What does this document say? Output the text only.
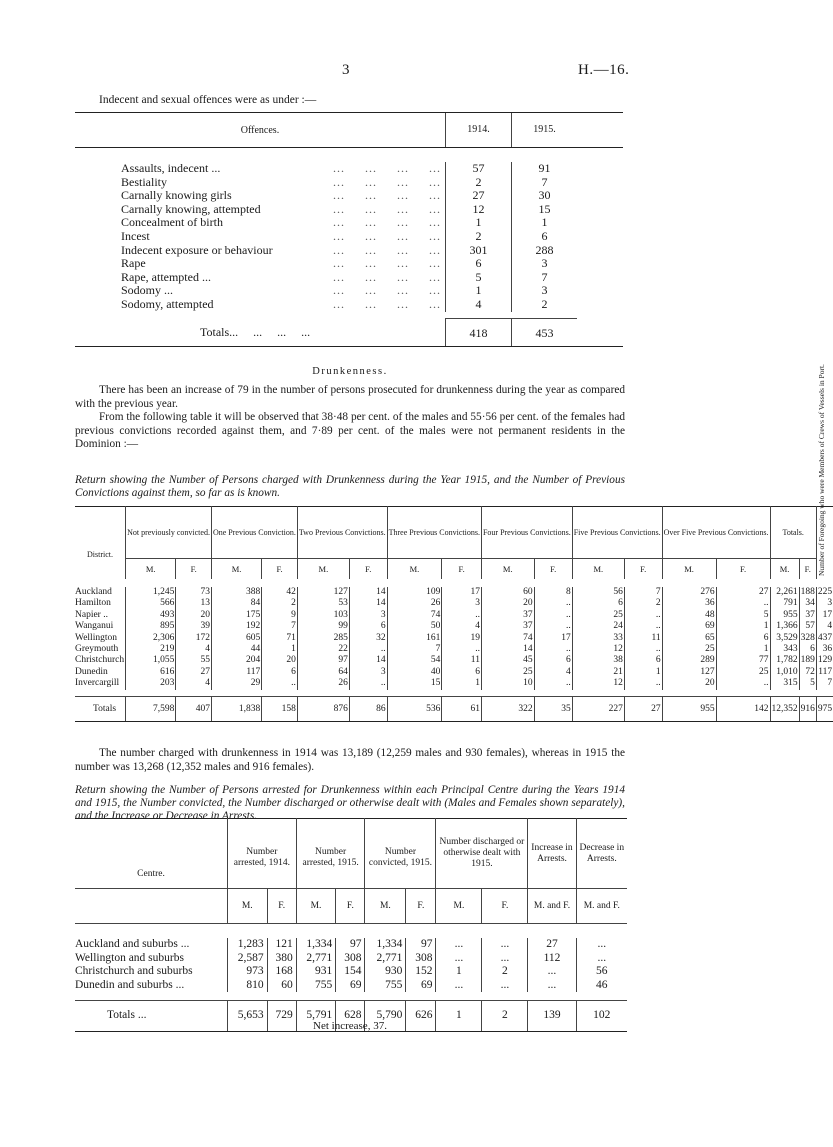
3	H.—16.
Indecent and sexual offences were as under :—
Offences.	1914.	1915.
Assaults, indecent ...	...     ...     ...     ...	57	91
Bestiality	...     ...     ...     ...	2	7
Carnally knowing girls	...     ...     ...     ...	27	30
Carnally knowing, attempted	...     ...     ...     ...	12	15
Concealment of birth	...     ...     ...     ...	1	1
Incest	...     ...     ...     ...	2	6
Indecent exposure or behaviour	...     ...     ...     ...	301	288
Rape	...     ...     ...     ...	6	3
Rape, attempted ...	...     ...     ...     ...	5	7
Sodomy ...	...     ...     ...     ...	1	3
Sodomy, attempted	...     ...     ...     ...	4	2
Totals...     ...     ...     ...	418	453
Drunkenness.

There has been an increase of 79 in the number of persons prosecuted for drunkenness during the year as compared with the previous year.

From the following table it will be observed that 38·48 per cent. of the males and 55·56 per cent. of the females had previous convictions recorded against them, and 7·89 per cent. of the males were not permanent residents in the Dominion :—

Return showing the Number of Persons charged with Drunkenness during the Year 1915, and the Number of Previous Convictions against them, so far as is known.
District.	Not previously convicted.		One Previous Conviction.		Two Previous Convictions.		Three Previous Convictions.		Four Previous Convictions.		Five Previous Convictions.		Over Five Previous Convictions.		Totals.		Number of Foregoing who were Members of Crews of Vessels in Port.

	M.	F.	M.	F.	M.	F.	M.	F.	M.	F.	M.	F.	M.	F.	M.	F.	

Auckland	1,245	73	388	42	127	14	109	17	60	8	56	7	276	27	2,261	188	225
Hamilton	566	13	84	2	53	14	26	3	20	..	6	2	36	..	791	34	3
Napier ..	493	20	175	9	103	3	74	..	37	..	25	..	48	5	955	37	17
Wanganui	895	39	192	7	99	6	50	4	37	..	24	..	69	1	1,366	57	4
Wellington	2,306	172	605	71	285	32	161	19	74	17	33	11	65	6	3,529	328	437
Greymouth	219	4	44	1	22	..	7	..	14	..	12	..	25	1	343	6	36
Christchurch	1,055	55	204	20	97	14	54	11	45	6	38	6	289	77	1,782	189	129
Dunedin	616	27	117	6	64	3	40	6	25	4	21	1	127	25	1,010	72	117
Invercargill	203	4	29	..	26	..	15	1	10	..	12	..	20	..	315	5	7

Totals	7,598	407	1,838	158	876	86	536	61	322	35	227	27	955	142	12,352	916	975

The number charged with drunkenness in 1914 was 13,189 (12,259 males and 930 females), whereas in 1915 the number was 13,268 (12,352 males and 916 females).

Return showing the Number of Persons arrested for Drunkenness within each Principal Centre during the Years 1914 and 1915, the Number convicted, the Number discharged or otherwise dealt with (Males and Females shown separately), and the Increase or Decrease in Arrests.
Centre.	Number arrested, 1914.		Number arrested, 1915.		Number convicted, 1915.		Number discharged or otherwise dealt with 1915.		Increase in Arrests.	Decrease in Arrests.
	M.	F.	M.	F.	M.	F.	M.	F.	M. and F.	M. and F.

Auckland and suburbs ...	1,283	121	1,334	97	1,334	97	...	...	27	...
Wellington and suburbs	2,587	380	2,771	308	2,771	308	...	...	112	...
Christchurch and suburbs	973	168	931	154	930	152	1	2	...	56
Dunedin and suburbs ...	810	60	755	69	755	69	...	...	...	46

Totals ...	5,653	729	5,791	628	5,790	626	1	2	139	102
Net increase, 37.
